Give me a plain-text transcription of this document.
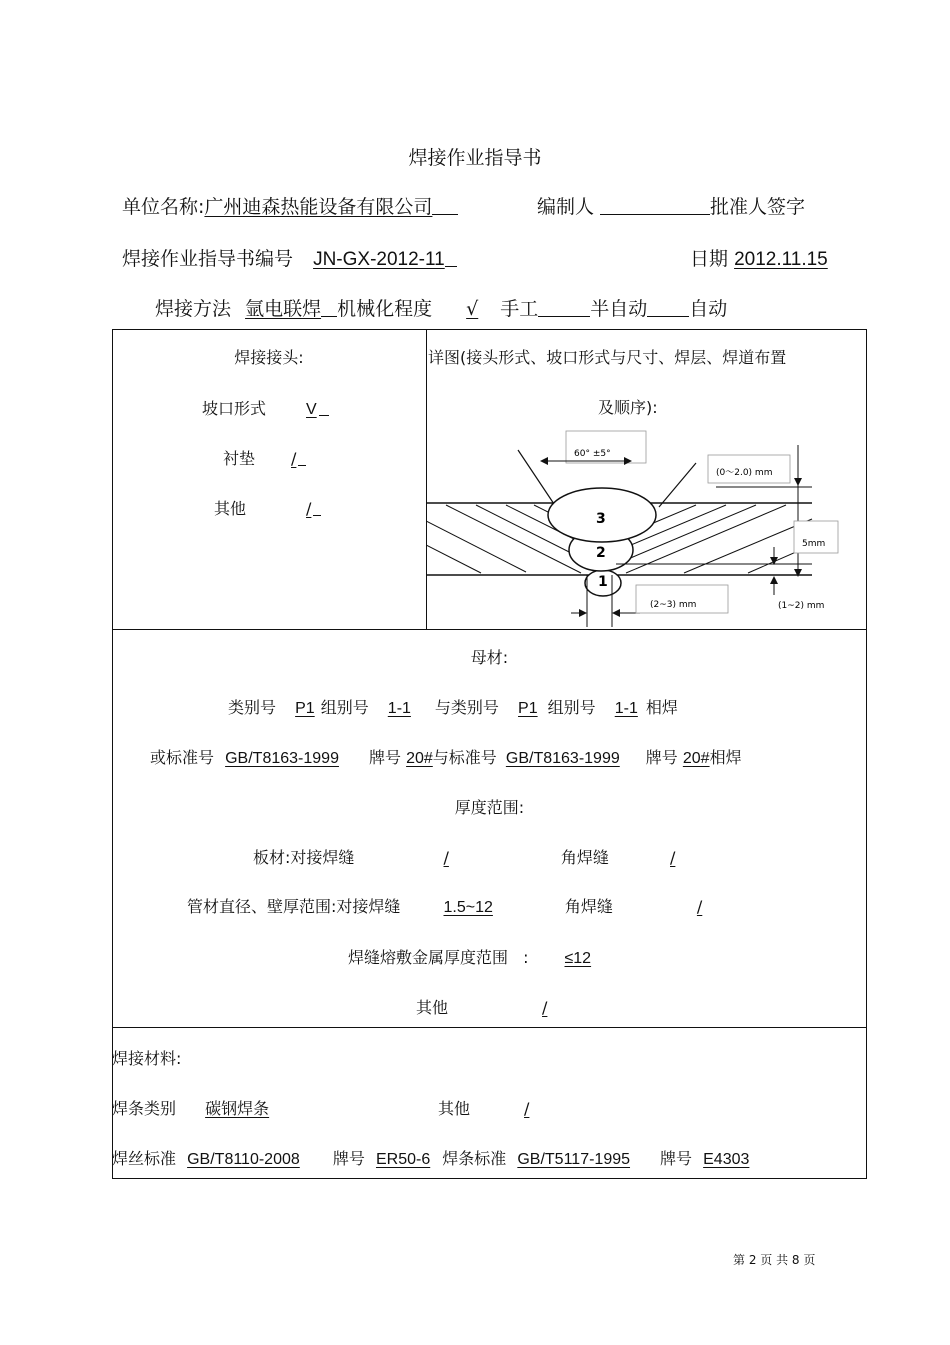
焊接作业指导书
单位名称:广州迪森热能设备有限公司	编制人	批准人签字
焊接作业指导书编号 JN-GX-2012-11	日期 2012.11.15
焊接方法 氩电联焊 机械化程度 √ 手工	半自动 自动
焊接接头:
坡口形式	V
衬垫 /
其他	/
详图(接头形式、坡口形式与尺寸、焊层、焊道布置
及顺序):
3
2
1
60° ±5°
(0～2.0) mm
5mm
(1~2) mm
(2~3) mm
母材:
类别号 P1 组别号 1-1 与类别号 P1 组别号 1-1 相焊
或标准号 GB/T8163-1999 牌号 20#与标准号 GB/T8163-1999 牌号 20#相焊
厚度范围:
板材:对接焊缝	/	角焊缝	/
管材直径、壁厚范围:对接焊缝	1.5~12	角焊缝	/
焊缝熔敷金属厚度范围 : ≤12
其他	/
焊接材料:
焊条类别 碳钢焊条	其他	/
焊丝标准 GB/T8110-2008 牌号 ER50-6 焊条标准 GB/T5117-1995 牌号 E4303
第 2 页 共 8 页
